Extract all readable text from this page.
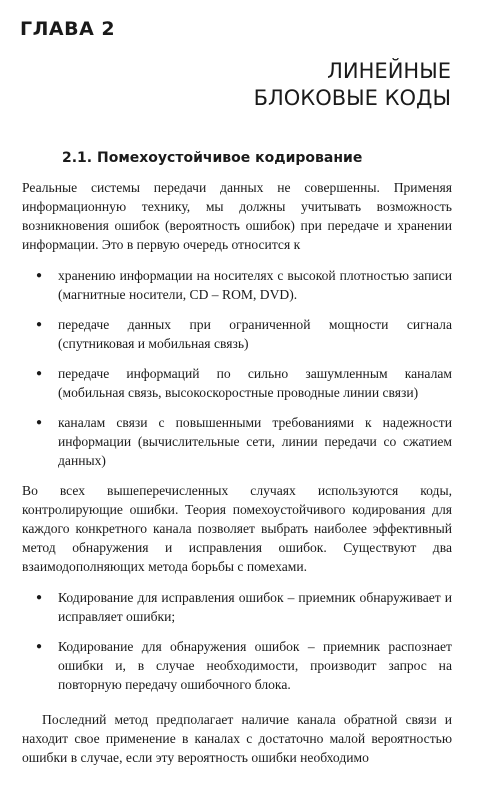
ГЛАВА 2
ЛИНЕЙНЫЕ
БЛОКОВЫЕ КОДЫ
2.1. Помехоустойчивое кодирование

Реальные системы передачи данных не совершенны. Применяя информационную технику, мы должны учитывать возможность возникновения ошибок (вероятность ошибок) при передаче и хранении информации. Это в первую очередь относится к

● хранению информации на носителях с высокой плотностью записи (магнитные носители, CD – ROM, DVD).
● передаче данных при ограниченной мощности сигнала (спутниковая и мобильная связь)
● передаче информаций по сильно зашумленным каналам (мобильная связь, высокоскоростные проводные линии связи)
● каналам связи с повышенными требованиями к надежности информации (вычислительные сети, линии передачи со сжатием данных)

Во всех вышеперечисленных случаях используются коды, контролирующие ошибки. Теория помехоустойчивого кодирования для каждого конкретного канала позволяет выбрать наиболее эффективный метод обнаружения и исправления ошибок. Существуют два взаимодополняющих метода борьбы с помехами.

● Кодирование для исправления ошибок – приемник обнаруживает и исправляет ошибки;
● Кодирование для обнаружения ошибок – приемник распознает ошибки и, в случае необходимости, производит запрос на повторную передачу ошибочного блока.

Последний метод предполагает наличие канала обратной связи и находит свое применение в каналах с достаточно малой вероятностью ошибки в случае, если эту вероятность ошибки необходимо
